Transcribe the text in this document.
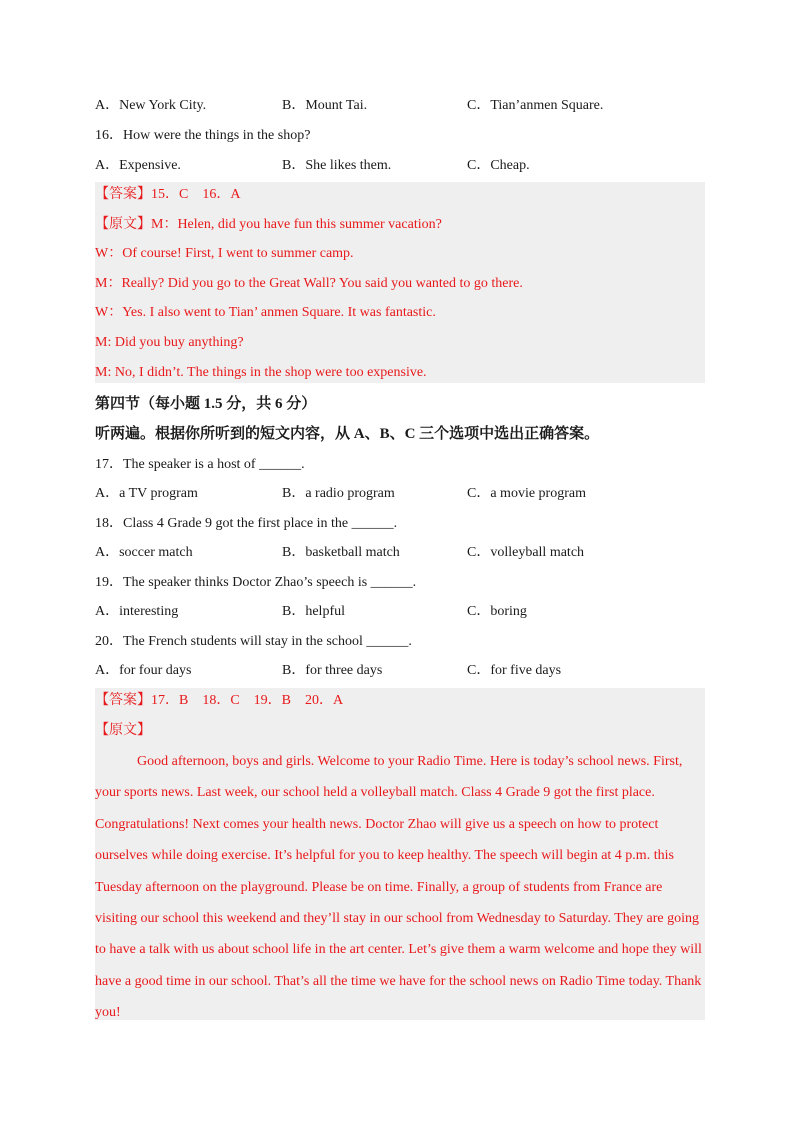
A．New York City.	B．Mount Tai.	C．Tian’anmen Square.
16．How were the things in the shop?
A．Expensive.	B．She likes them.	C．Cheap.
【答案】15．C　16．A
【原文】M：Helen, did you have fun this summer vacation?
W：Of course! First, I went to summer camp.
M：Really? Did you go to the Great Wall? You said you wanted to go there.
W：Yes. I also went to Tian’ anmen Square. It was fantastic.
M: Did you buy anything?
M: No, I didn’t. The things in the shop were too expensive.
第四节（每小题 1.5 分，共 6 分）
听两遍。根据你所听到的短文内容，从 A、B、C 三个选项中选出正确答案。
17．The speaker is a host of ______.
A．a TV program	B．a radio program	C．a movie program
18．Class 4 Grade 9 got the first place in the ______.
A．soccer match	B．basketball match	C．volleyball match
19．The speaker thinks Doctor Zhao’s speech is ______.
A．interesting	B．helpful	C．boring
20．The French students will stay in the school ______.
A．for four days	B．for three days	C．for five days
【答案】17．B　18．C　19．B　20．A
【原文】
Good afternoon, boys and girls. Welcome to your Radio Time. Here is today’s school news. First, your sports news. Last week, our school held a volleyball match. Class 4 Grade 9 got the first place. Congratulations! Next comes your health news. Doctor Zhao will give us a speech on how to protect ourselves while doing exercise. It’s helpful for you to keep healthy. The speech will begin at 4 p.m. this Tuesday afternoon on the playground. Please be on time. Finally, a group of students from France are visiting our school this weekend and they’ll stay in our school from Wednesday to Saturday. They are going to have a talk with us about school life in the art center. Let’s give them a warm welcome and hope they will have a good time in our school. That’s all the time we have for the school news on Radio Time today. Thank you!
